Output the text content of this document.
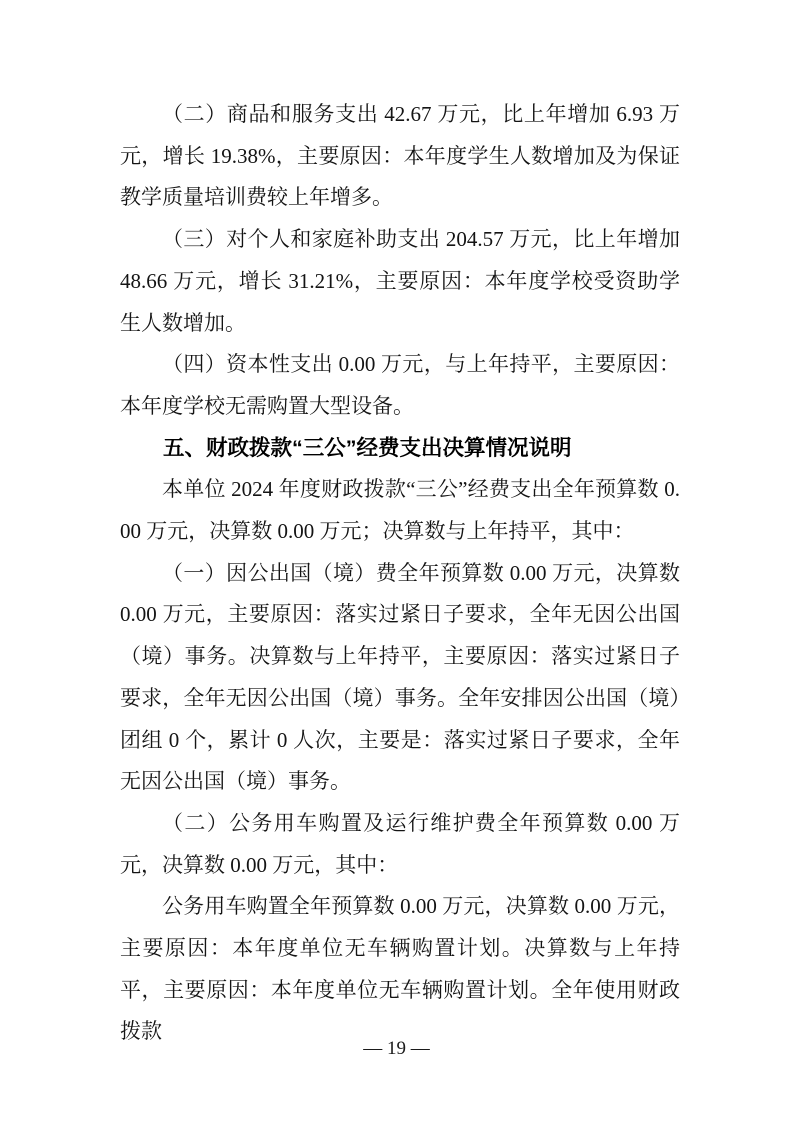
（二）商品和服务支出 42.67 万元，比上年增加 6.93 万元，增长 19.38%，主要原因：本年度学生人数增加及为保证教学质量培训费较上年增多。

（三）对个人和家庭补助支出 204.57 万元，比上年增加 48.66 万元，增长 31.21%，主要原因：本年度学校受资助学生人数增加。

（四）资本性支出 0.00 万元，与上年持平，主要原因：本年度学校无需购置大型设备。

五、财政拨款“三公”经费支出决算情况说明

本单位 2024 年度财政拨款“三公”经费支出全年预算数 0.00 万元，决算数 0.00 万元；决算数与上年持平，其中：

（一）因公出国（境）费全年预算数 0.00 万元，决算数 0.00 万元，主要原因：落实过紧日子要求，全年无因公出国（境）事务。决算数与上年持平，主要原因：落实过紧日子要求，全年无因公出国（境）事务。全年安排因公出国（境）团组 0 个，累计 0 人次，主要是：落实过紧日子要求，全年无因公出国（境）事务。

（二）公务用车购置及运行维护费全年预算数 0.00 万元，决算数 0.00 万元，其中：

公务用车购置全年预算数 0.00 万元，决算数 0.00 万元，主要原因：本年度单位无车辆购置计划。决算数与上年持平，主要原因：本年度单位无车辆购置计划。全年使用财政拨款

— 19 —
